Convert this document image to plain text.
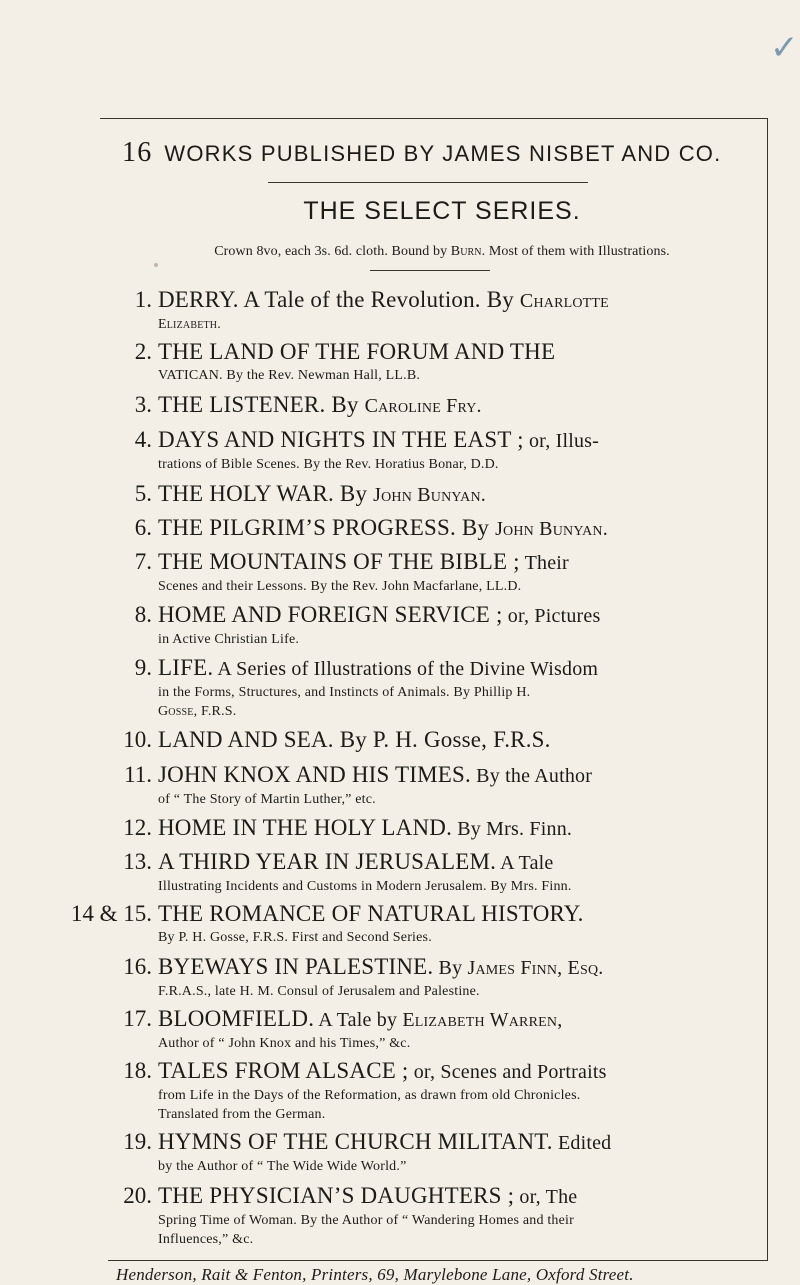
✓
16 WORKS PUBLISHED BY JAMES NISBET AND CO.
THE SELECT SERIES.
Crown 8vo, each 3s. 6d. cloth. Bound by Burn. Most of them with Illustrations.
1. DERRY. A Tale of the Revolution. By Charlotte
Elizabeth.
2. THE LAND OF THE FORUM AND THE
VATICAN. By the Rev. Newman Hall, LL.B.
3. THE LISTENER. By Caroline Fry.
4. DAYS AND NIGHTS IN THE EAST ; or, Illus-
trations of Bible Scenes. By the Rev. Horatius Bonar, D.D.
5. THE HOLY WAR. By John Bunyan.
6. THE PILGRIM’S PROGRESS. By John Bunyan.
7. THE MOUNTAINS OF THE BIBLE ; Their
Scenes and their Lessons. By the Rev. John Macfarlane, LL.D.
8. HOME AND FOREIGN SERVICE ; or, Pictures
in Active Christian Life.
9. LIFE. A Series of Illustrations of the Divine Wisdom
in the Forms, Structures, and Instincts of Animals. By Phillip H.
Gosse, F.R.S.
10. LAND AND SEA. By P. H. Gosse, F.R.S.
11. JOHN KNOX AND HIS TIMES. By the Author
of “ The Story of Martin Luther,” etc.
12. HOME IN THE HOLY LAND. By Mrs. Finn.
13. A THIRD YEAR IN JERUSALEM. A Tale
Illustrating Incidents and Customs in Modern Jerusalem. By Mrs. Finn.
14 & 15. THE ROMANCE OF NATURAL HISTORY.
By P. H. Gosse, F.R.S. First and Second Series.
16. BYEWAYS IN PALESTINE. By James Finn, Esq.
F.R.A.S., late H. M. Consul of Jerusalem and Palestine.
17. BLOOMFIELD. A Tale by Elizabeth Warren,
Author of “ John Knox and his Times,” &c.
18. TALES FROM ALSACE ; or, Scenes and Portraits
from Life in the Days of the Reformation, as drawn from old Chronicles.
Translated from the German.
19. HYMNS OF THE CHURCH MILITANT. Edited
by the Author of “ The Wide Wide World.”
20. THE PHYSICIAN’S DAUGHTERS ; or, The
Spring Time of Woman. By the Author of “ Wandering Homes and their
Influences,” &c.
Henderson, Rait & Fenton, Printers, 69, Marylebone Lane, Oxford Street.
